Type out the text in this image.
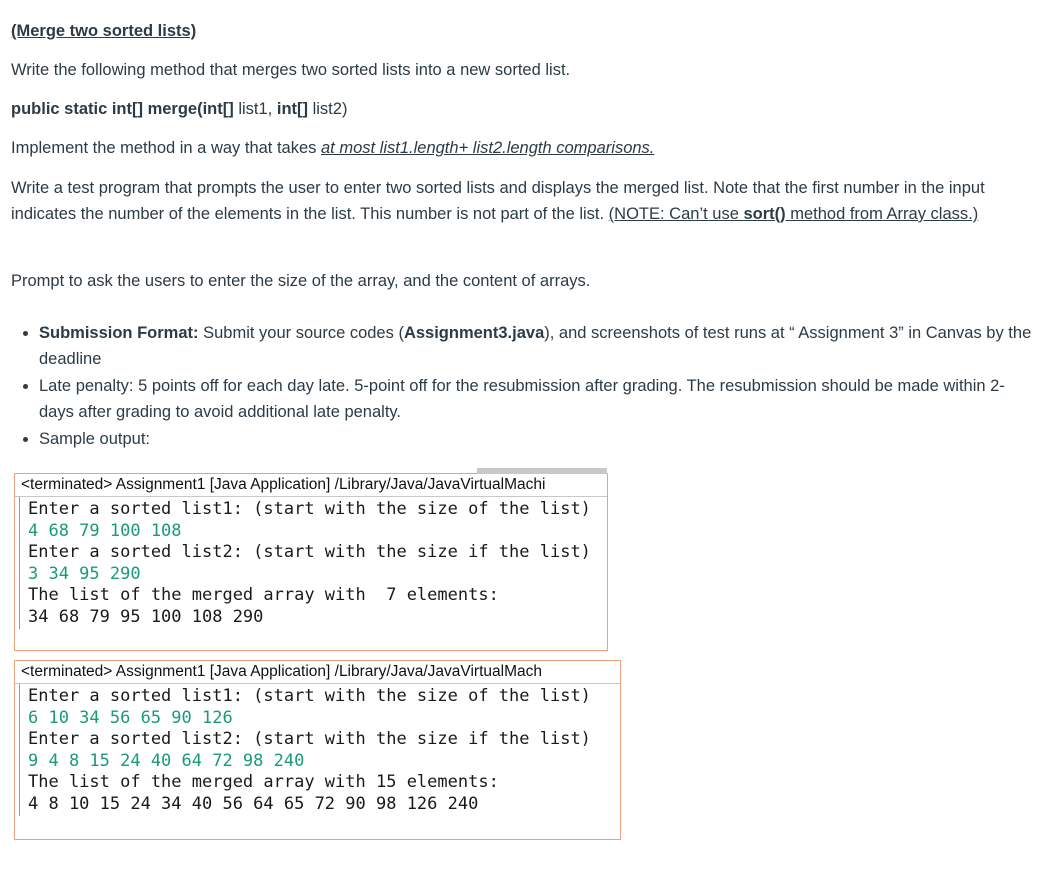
(Merge two sorted lists)

Write the following method that merges two sorted lists into a new sorted list.

public static int[] merge(int[] list1, int[] list2)

Implement the method in a way that takes at most list1.length+ list2.length comparisons.

Write a test program that prompts the user to enter two sorted lists and displays the merged list. Note that the first number in the input indicates the number of the elements in the list. This number is not part of the list. (NOTE: Can’t use sort() method from Array class.)

Prompt to ask the users to enter the size of the array, and the content of arrays.

• Submission Format: Submit your source codes (Assignment3.java), and screenshots of test runs at “ Assignment 3” in Canvas by the deadline
• Late penalty: 5 points off for each day late. 5-point off for the resubmission after grading. The resubmission should be made within 2-days after grading to avoid additional late penalty.
• Sample output:
<terminated> Assignment1 [Java Application] /Library/Java/JavaVirtualMachi
Enter a sorted list1: (start with the size of the list)
4 68 79 100 108
Enter a sorted list2: (start with the size if the list)
3 34 95 290
The list of the merged array with  7 elements:
34 68 79 95 100 108 290
<terminated> Assignment1 [Java Application] /Library/Java/JavaVirtualMach
Enter a sorted list1: (start with the size of the list)
6 10 34 56 65 90 126
Enter a sorted list2: (start with the size if the list)
9 4 8 15 24 40 64 72 98 240
The list of the merged array with 15 elements:
4 8 10 15 24 34 40 56 64 65 72 90 98 126 240
